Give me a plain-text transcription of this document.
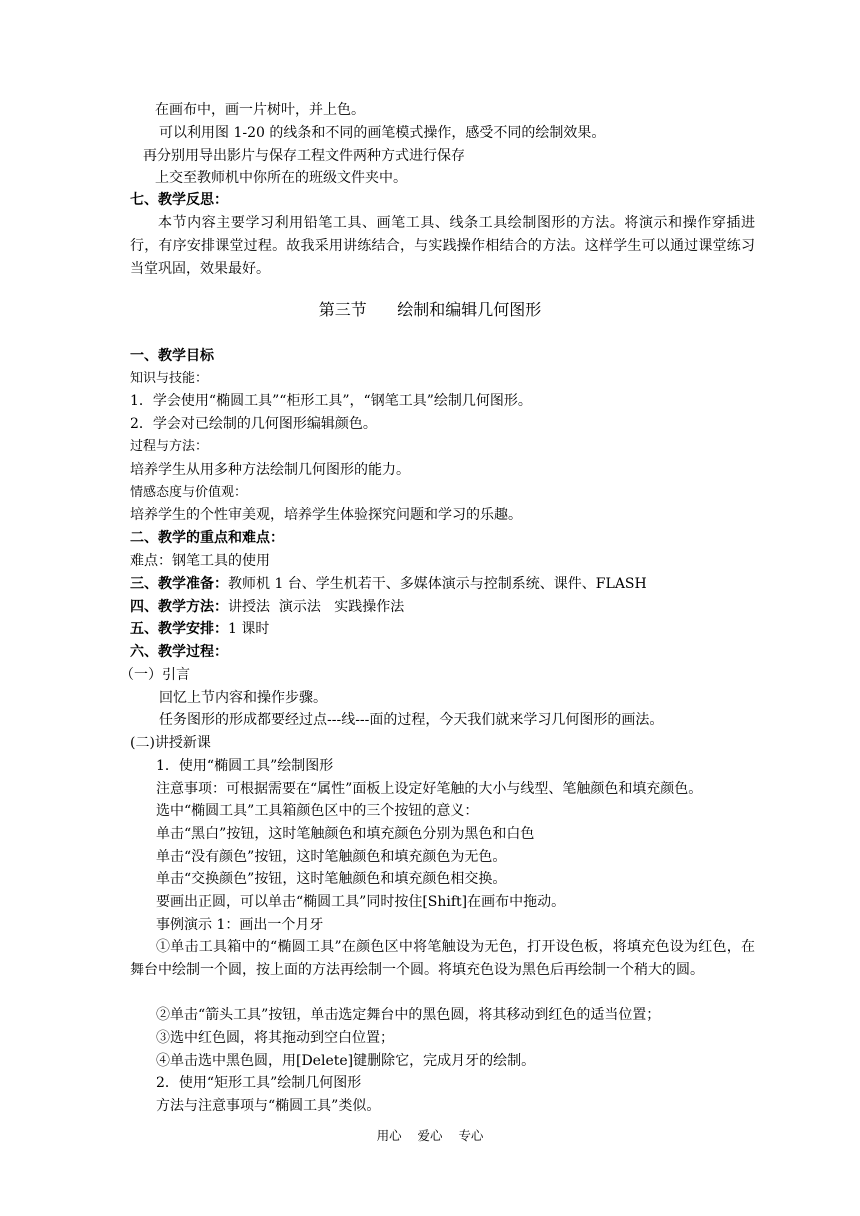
在画布中，画一片树叶，并上色。
可以利用图 1-20 的线条和不同的画笔模式操作，感受不同的绘制效果。
再分别用导出影片与保存工程文件两种方式进行保存
上交至教师机中你所在的班级文件夹中。
七、教学反思：
本节内容主要学习利用铅笔工具、画笔工具、线条工具绘制图形的方法。将演示和操作穿插进行，有序安排课堂过程。故我采用讲练结合，与实践操作相结合的方法。这样学生可以通过课堂练习当堂巩固，效果最好。
第三节      绘制和编辑几何图形
一、教学目标
知识与技能：
1．学会使用“椭圆工具”“柜形工具”，“钢笔工具”绘制几何图形。
2．学会对已绘制的几何图形编辑颜色。
过程与方法：
培养学生从用多种方法绘制几何图形的能力。
情感态度与价值观：
培养学生的个性审美观，培养学生体验探究问题和学习的乐趣。
二、教学的重点和难点：
难点：钢笔工具的使用
三、教学准备：教师机 1 台、学生机若干、多媒体演示与控制系统、课件、FLASH
四、教学方法：讲授法  演示法   实践操作法
五、教学安排：1 课时
六、教学过程：
（一）引言
回忆上节内容和操作步骤。
任务图形的形成都要经过点---线---面的过程，今天我们就来学习几何图形的画法。
(二)讲授新课
1．使用“椭圆工具”绘制图形
注意事项：可根据需要在“属性”面板上设定好笔触的大小与线型、笔触颜色和填充颜色。
选中“椭圆工具”工具箱颜色区中的三个按钮的意义：
单击“黑白”按钮，这时笔触颜色和填充颜色分别为黑色和白色
单击“没有颜色”按钮，这时笔触颜色和填充颜色为无色。
单击“交换颜色”按钮，这时笔触颜色和填充颜色相交换。
要画出正圆，可以单击“椭圆工具”同时按住[Shift]在画布中拖动。
事例演示 1：画出一个月牙
①单击工具箱中的“椭圆工具”在颜色区中将笔触设为无色，打开设色板，将填充色设为红色，在舞台中绘制一个圆，按上面的方法再绘制一个圆。将填充色设为黑色后再绘制一个稍大的圆。
②单击“箭头工具”按钮，单击选定舞台中的黑色圆，将其移动到红色的适当位置；
③选中红色圆，将其拖动到空白位置；
④单击选中黑色圆，用[Delete]键删除它，完成月牙的绘制。
2．使用“矩形工具”绘制几何图形
方法与注意事项与“椭圆工具”类似。
用心    爱心    专心
